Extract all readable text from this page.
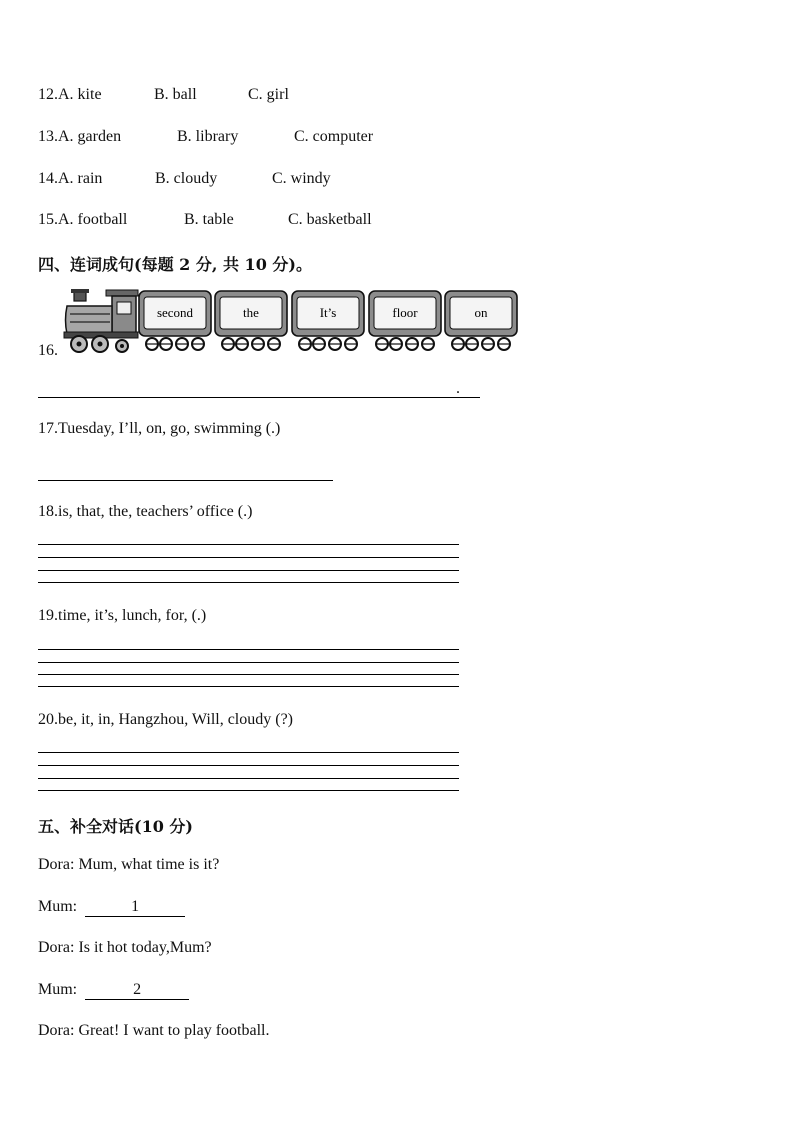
12.A. kite	B. ball	C. girl
13.A. garden	B. library	C. computer
14.A. rain	B. cloudy	C. windy
15.A. football	B. table	C. basketball
四、连词成句(每题 2 分, 共 10 分)。
16.
second	the	It’s	floor	on
.
17.Tuesday, I’ll, on, go, swimming (.)
18.is, that, the, teachers’ office (.)
19.time, it’s, lunch, for, (.)
20.be, it, in, Hangzhou, Will, cloudy (?)
五、补全对话(10 分)
Dora: Mum, what time is it?
Mum:	1
Dora: Is it hot today,Mum?
Mum:	2
Dora: Great! I want to play football.
